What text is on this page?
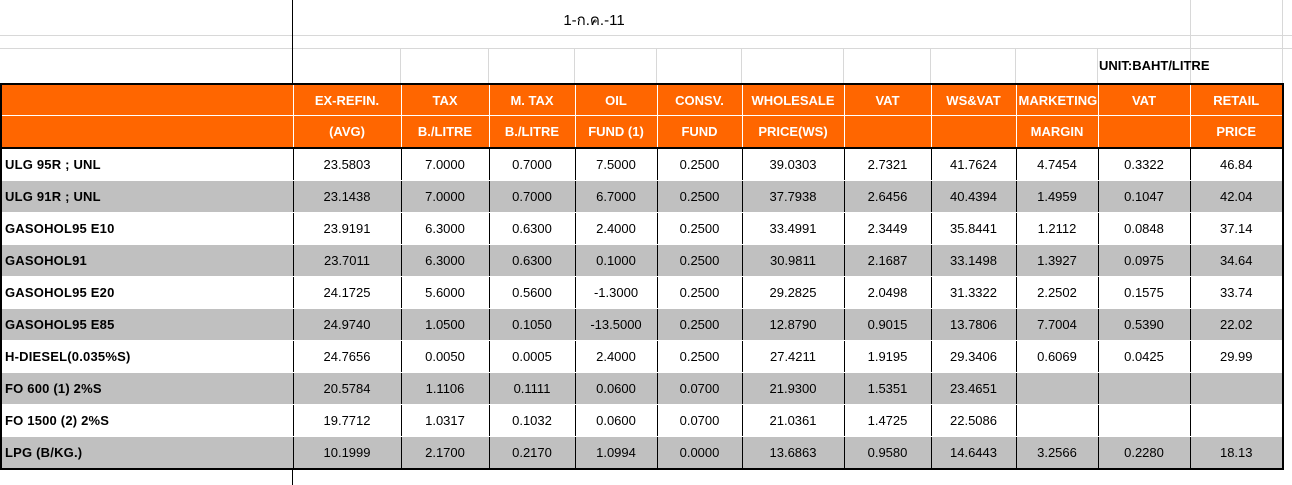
1-ก.ค.-11
UNIT:BAHT/LITRE
	EX-REFIN.	TAX	M. TAX	OIL	CONSV.	WHOLESALE	VAT	WS&VAT	MARKETING	VAT	RETAIL
	(AVG)	B./LITRE	B./LITRE	FUND (1)	FUND	PRICE(WS)			MARGIN		PRICE
ULG 95R ; UNL	23.5803	7.0000	0.7000	7.5000	0.2500	39.0303	2.7321	41.7624	4.7454	0.3322	46.84
ULG 91R ; UNL	23.1438	7.0000	0.7000	6.7000	0.2500	37.7938	2.6456	40.4394	1.4959	0.1047	42.04
GASOHOL95 E10	23.9191	6.3000	0.6300	2.4000	0.2500	33.4991	2.3449	35.8441	1.2112	0.0848	37.14
GASOHOL91	23.7011	6.3000	0.6300	0.1000	0.2500	30.9811	2.1687	33.1498	1.3927	0.0975	34.64
GASOHOL95 E20	24.1725	5.6000	0.5600	-1.3000	0.2500	29.2825	2.0498	31.3322	2.2502	0.1575	33.74
GASOHOL95 E85	24.9740	1.0500	0.1050	-13.5000	0.2500	12.8790	0.9015	13.7806	7.7004	0.5390	22.02
H-DIESEL(0.035%S)	24.7656	0.0050	0.0005	2.4000	0.2500	27.4211	1.9195	29.3406	0.6069	0.0425	29.99
FO 600 (1) 2%S	20.5784	1.1106	0.1111	0.0600	0.0700	21.9300	1.5351	23.4651			
FO 1500 (2) 2%S	19.7712	1.0317	0.1032	0.0600	0.0700	21.0361	1.4725	22.5086			
LPG (B/KG.)	10.1999	2.1700	0.2170	1.0994	0.0000	13.6863	0.9580	14.6443	3.2566	0.2280	18.13
